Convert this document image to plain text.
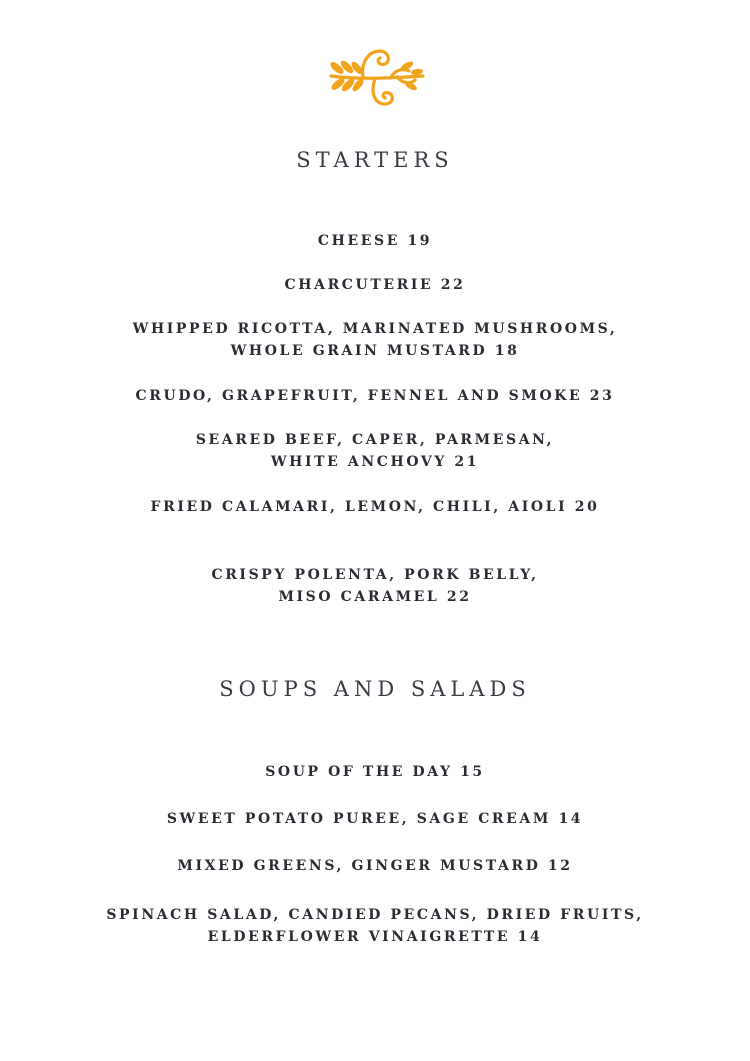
STARTERS
CHEESE 19
CHARCUTERIE 22
WHIPPED RICOTTA, MARINATED MUSHROOMS,
WHOLE GRAIN MUSTARD 18
CRUDO, GRAPEFRUIT, FENNEL AND SMOKE 23
SEARED BEEF, CAPER, PARMESAN,
WHITE ANCHOVY 21
FRIED CALAMARI, LEMON, CHILI, AIOLI 20
CRISPY POLENTA, PORK BELLY,
MISO CARAMEL 22
SOUPS AND SALADS
SOUP OF THE DAY 15
SWEET POTATO PUREE, SAGE CREAM 14
MIXED GREENS, GINGER MUSTARD 12
SPINACH SALAD, CANDIED PECANS, DRIED FRUITS,
ELDERFLOWER VINAIGRETTE 14
